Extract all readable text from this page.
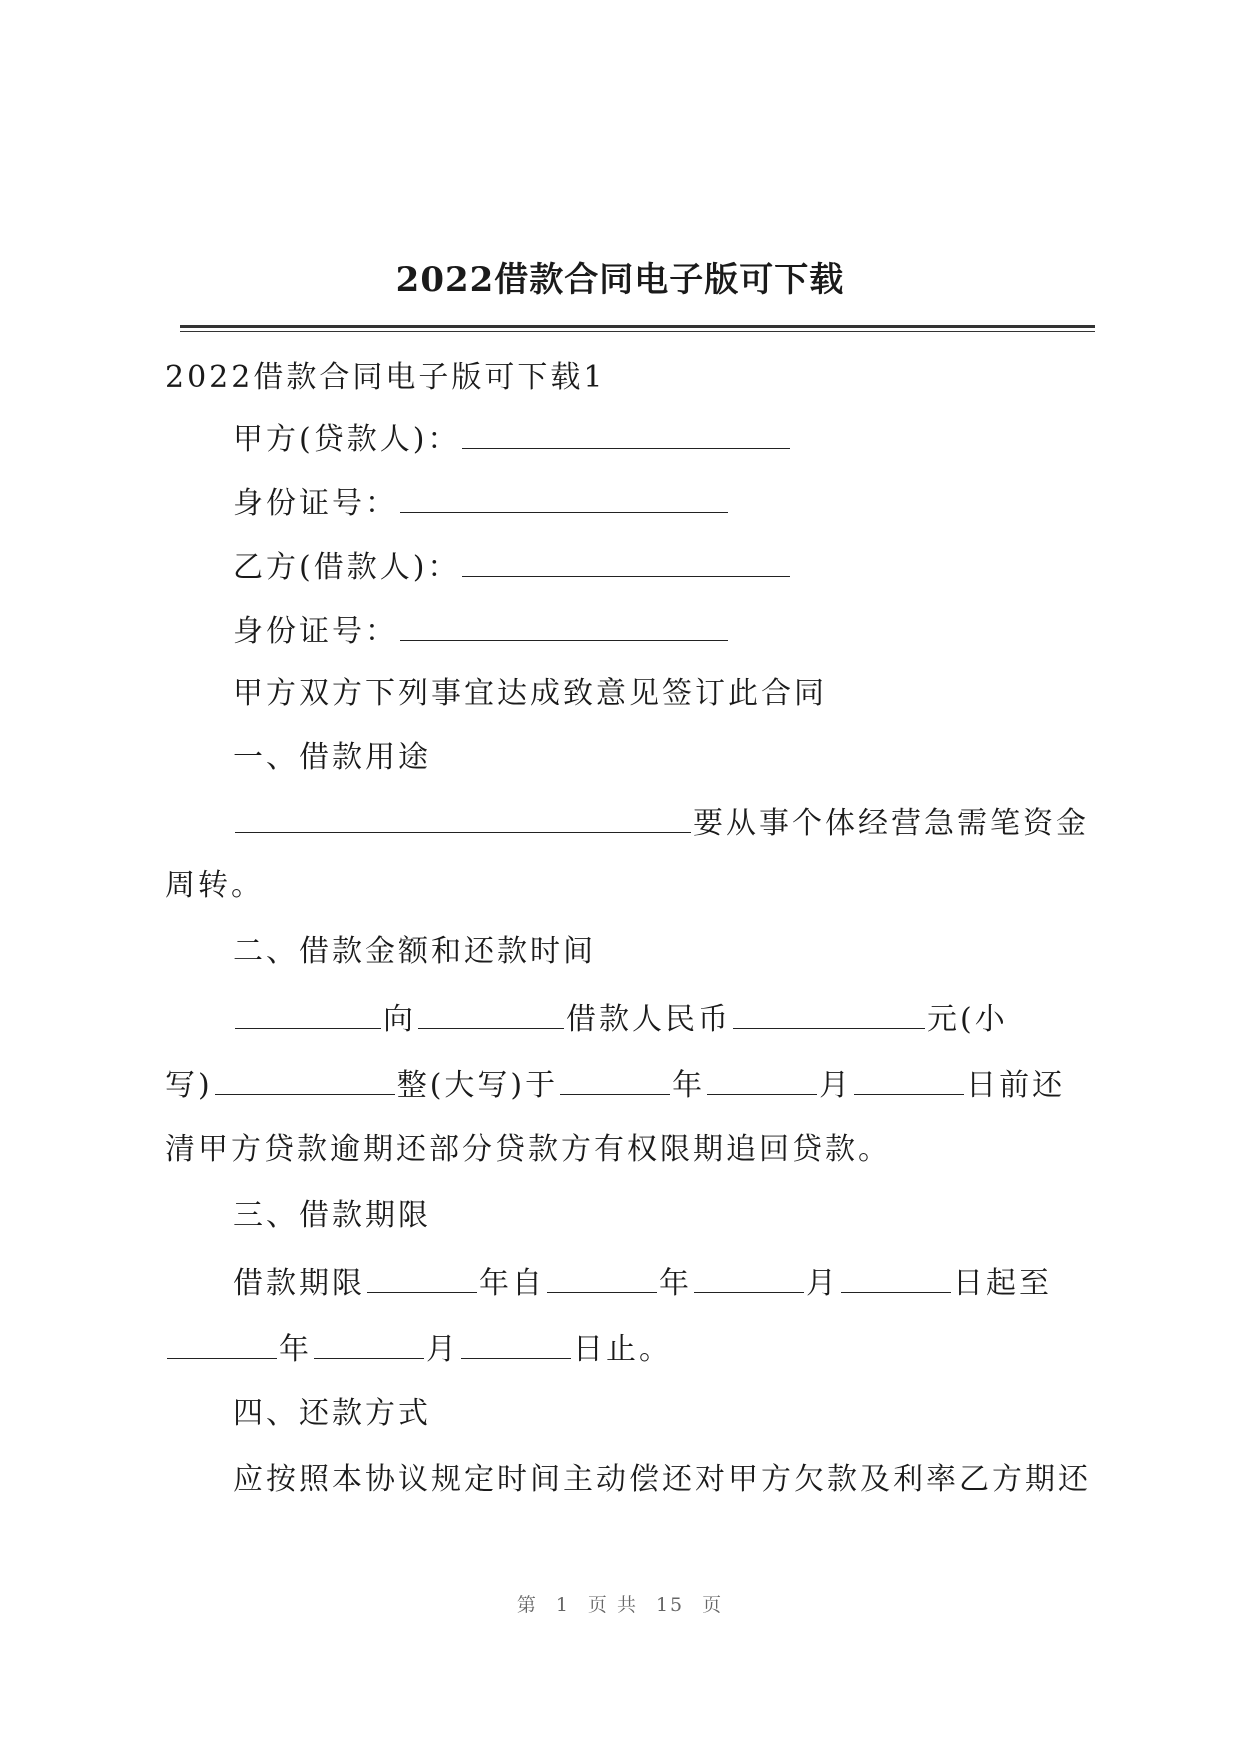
2022借款合同电子版可下载
2022借款合同电子版可下载1
甲方(贷款人)：
身份证号：
乙方(借款人)：
身份证号：
甲方双方下列事宜达成致意见签订此合同
一、借款用途
要从事个体经营急需笔资金
周转。
二、借款金额和还款时间
向	借款人民币	元(小
写)	整(大写)于	年	月	日前还
清甲方贷款逾期还部分贷款方有权限期追回贷款。
三、借款期限
借款期限	年自	年	月	日起至
年	月	日止。
四、还款方式
应按照本协议规定时间主动偿还对甲方欠款及利率乙方期还
第 1 页 共 15 页
